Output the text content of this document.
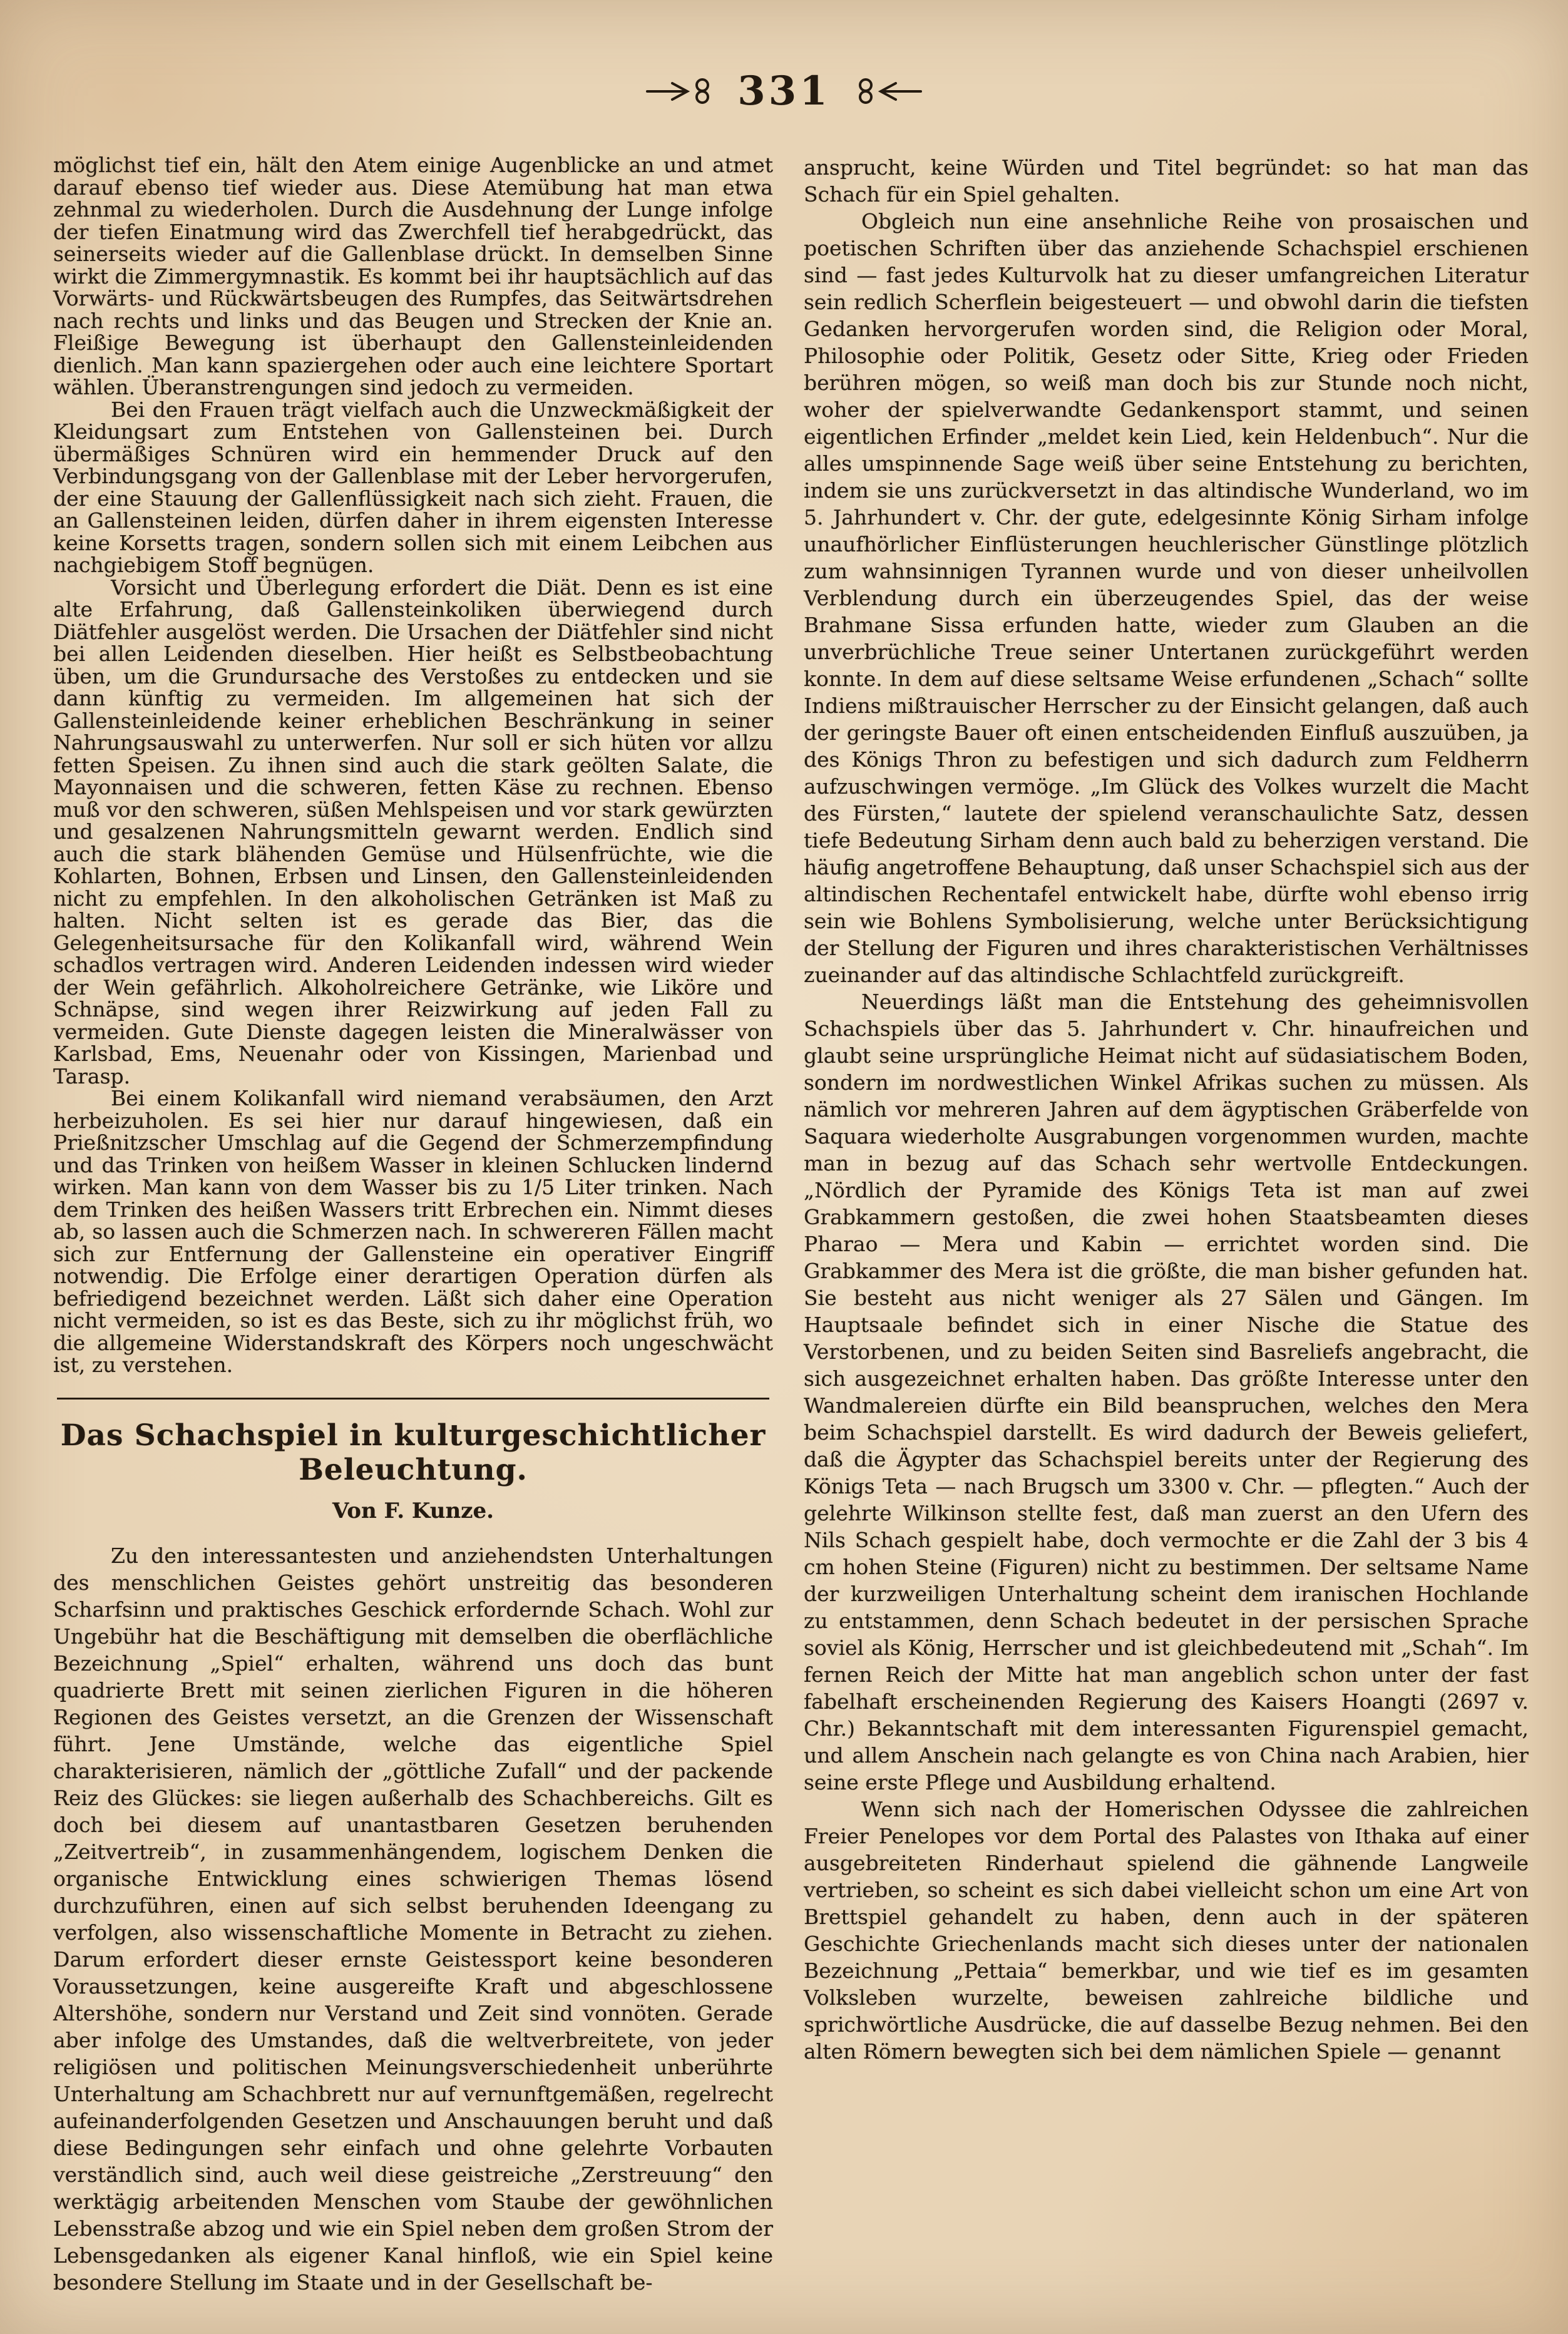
331

möglichst tief ein, hält den Atem einige Augenblicke an und atmet darauf ebenso tief wieder aus. Diese Atemübung hat man etwa zehnmal zu wiederholen. Durch die Ausdehnung der Lunge infolge der tiefen Einatmung wird das Zwerchfell tief herabgedrückt, das seinerseits wieder auf die Gallenblase drückt. In demselben Sinne wirkt die Zimmergymnastik. Es kommt bei ihr hauptsächlich auf das Vorwärts- und Rückwärtsbeugen des Rumpfes, das Seitwärtsdrehen nach rechts und links und das Beugen und Strecken der Knie an. Fleißige Bewegung ist überhaupt den Gallensteinleidenden dienlich. Man kann spaziergehen oder auch eine leichtere Sportart wählen. Überanstrengungen sind jedoch zu vermeiden.

Bei den Frauen trägt vielfach auch die Unzweckmäßigkeit der Kleidungsart zum Entstehen von Gallensteinen bei. Durch übermäßiges Schnüren wird ein hemmender Druck auf den Verbindungsgang von der Gallenblase mit der Leber hervorgerufen, der eine Stauung der Gallenflüssigkeit nach sich zieht. Frauen, die an Gallensteinen leiden, dürfen daher in ihrem eigensten Interesse keine Korsetts tragen, sondern sollen sich mit einem Leibchen aus nachgiebigem Stoff begnügen.

Vorsicht und Überlegung erfordert die Diät. Denn es ist eine alte Erfahrung, daß Gallensteinkoliken überwiegend durch Diätfehler ausgelöst werden. Die Ursachen der Diätfehler sind nicht bei allen Leidenden dieselben. Hier heißt es Selbstbeobachtung üben, um die Grundursache des Verstoßes zu entdecken und sie dann künftig zu vermeiden. Im allgemeinen hat sich der Gallensteinleidende keiner erheblichen Beschränkung in seiner Nahrungsauswahl zu unterwerfen. Nur soll er sich hüten vor allzu fetten Speisen. Zu ihnen sind auch die stark geölten Salate, die Mayonnaisen und die schweren, fetten Käse zu rechnen. Ebenso muß vor den schweren, süßen Mehlspeisen und vor stark gewürzten und gesalzenen Nahrungsmitteln gewarnt werden. Endlich sind auch die stark blähenden Gemüse und Hülsenfrüchte, wie die Kohlarten, Bohnen, Erbsen und Linsen, den Gallensteinleidenden nicht zu empfehlen. In den alkoholischen Getränken ist Maß zu halten. Nicht selten ist es gerade das Bier, das die Gelegenheitsursache für den Kolikanfall wird, während Wein schadlos vertragen wird. Anderen Leidenden indessen wird wieder der Wein gefährlich. Alkoholreichere Getränke, wie Liköre und Schnäpse, sind wegen ihrer Reizwirkung auf jeden Fall zu vermeiden. Gute Dienste dagegen leisten die Mineralwässer von Karlsbad, Ems, Neuenahr oder von Kissingen, Marienbad und Tarasp.

Bei einem Kolikanfall wird niemand verabsäumen, den Arzt herbeizuholen. Es sei hier nur darauf hingewiesen, daß ein Prießnitzscher Umschlag auf die Gegend der Schmerzempfindung und das Trinken von heißem Wasser in kleinen Schlucken lindernd wirken. Man kann von dem Wasser bis zu 1/5 Liter trinken. Nach dem Trinken des heißen Wassers tritt Erbrechen ein. Nimmt dieses ab, so lassen auch die Schmerzen nach. In schwereren Fällen macht sich zur Entfernung der Gallensteine ein operativer Eingriff notwendig. Die Erfolge einer derartigen Operation dürfen als befriedigend bezeichnet werden. Läßt sich daher eine Operation nicht vermeiden, so ist es das Beste, sich zu ihr möglichst früh, wo die allgemeine Widerstandskraft des Körpers noch ungeschwächt ist, zu verstehen.

Das Schachspiel in kulturgeschichtlicher Beleuchtung.
Von F. Kunze.

Zu den interessantesten und anziehendsten Unterhaltungen des menschlichen Geistes gehört unstreitig das besonderen Scharfsinn und praktisches Geschick erfordernde Schach. Wohl zur Ungebühr hat die Beschäftigung mit demselben die oberflächliche Bezeichnung „Spiel“ erhalten, während uns doch das bunt quadrierte Brett mit seinen zierlichen Figuren in die höheren Regionen des Geistes versetzt, an die Grenzen der Wissenschaft führt. Jene Umstände, welche das eigentliche Spiel charakterisieren, nämlich der „göttliche Zufall“ und der packende Reiz des Glückes: sie liegen außerhalb des Schachbereichs. Gilt es doch bei diesem auf unantastbaren Gesetzen beruhenden „Zeitvertreib“, in zusammenhängendem, logischem Denken die organische Entwicklung eines schwierigen Themas lösend durchzuführen, einen auf sich selbst beruhenden Ideengang zu verfolgen, also wissenschaftliche Momente in Betracht zu ziehen. Darum erfordert dieser ernste Geistessport keine besonderen Voraussetzungen, keine ausgereifte Kraft und abgeschlossene Altershöhe, sondern nur Verstand und Zeit sind vonnöten. Gerade aber infolge des Umstandes, daß die weltverbreitete, von jeder religiösen und politischen Meinungsverschiedenheit unberührte Unterhaltung am Schachbrett nur auf vernunftgemäßen, regelrecht aufeinanderfolgenden Gesetzen und Anschauungen beruht und daß diese Bedingungen sehr einfach und ohne gelehrte Vorbauten verständlich sind, auch weil diese geistreiche „Zerstreuung“ den werktägig arbeitenden Menschen vom Staube der gewöhnlichen Lebensstraße abzog und wie ein Spiel neben dem großen Strom der Lebensgedanken als eigener Kanal hinfloß, wie ein Spiel keine besondere Stellung im Staate und in der Gesellschaft be-

ansprucht, keine Würden und Titel begründet: so hat man das Schach für ein Spiel gehalten.

Obgleich nun eine ansehnliche Reihe von prosaischen und poetischen Schriften über das anziehende Schachspiel erschienen sind — fast jedes Kulturvolk hat zu dieser umfangreichen Literatur sein redlich Scherflein beigesteuert — und obwohl darin die tiefsten Gedanken hervorgerufen worden sind, die Religion oder Moral, Philosophie oder Politik, Gesetz oder Sitte, Krieg oder Frieden berühren mögen, so weiß man doch bis zur Stunde noch nicht, woher der spielverwandte Gedankensport stammt, und seinen eigentlichen Erfinder „meldet kein Lied, kein Heldenbuch“. Nur die alles umspinnende Sage weiß über seine Entstehung zu berichten, indem sie uns zurückversetzt in das altindische Wunderland, wo im 5. Jahrhundert v. Chr. der gute, edelgesinnte König Sirham infolge unaufhörlicher Einflüsterungen heuchlerischer Günstlinge plötzlich zum wahnsinnigen Tyrannen wurde und von dieser unheilvollen Verblendung durch ein überzeugendes Spiel, das der weise Brahmane Sissa erfunden hatte, wieder zum Glauben an die unverbrüchliche Treue seiner Untertanen zurückgeführt werden konnte. In dem auf diese seltsame Weise erfundenen „Schach“ sollte Indiens mißtrauischer Herrscher zu der Einsicht gelangen, daß auch der geringste Bauer oft einen entscheidenden Einfluß auszuüben, ja des Königs Thron zu befestigen und sich dadurch zum Feldherrn aufzuschwingen vermöge. „Im Glück des Volkes wurzelt die Macht des Fürsten,“ lautete der spielend veranschaulichte Satz, dessen tiefe Bedeutung Sirham denn auch bald zu beherzigen verstand. Die häufig angetroffene Behauptung, daß unser Schachspiel sich aus der altindischen Rechentafel entwickelt habe, dürfte wohl ebenso irrig sein wie Bohlens Symbolisierung, welche unter Berücksichtigung der Stellung der Figuren und ihres charakteristischen Verhältnisses zueinander auf das altindische Schlachtfeld zurückgreift.

Neuerdings läßt man die Entstehung des geheimnisvollen Schachspiels über das 5. Jahrhundert v. Chr. hinaufreichen und glaubt seine ursprüngliche Heimat nicht auf südasiatischem Boden, sondern im nordwestlichen Winkel Afrikas suchen zu müssen. Als nämlich vor mehreren Jahren auf dem ägyptischen Gräberfelde von Saquara wiederholte Ausgrabungen vorgenommen wurden, machte man in bezug auf das Schach sehr wertvolle Entdeckungen. „Nördlich der Pyramide des Königs Teta ist man auf zwei Grabkammern gestoßen, die zwei hohen Staatsbeamten dieses Pharao — Mera und Kabin — errichtet worden sind. Die Grabkammer des Mera ist die größte, die man bisher gefunden hat. Sie besteht aus nicht weniger als 27 Sälen und Gängen. Im Hauptsaale befindet sich in einer Nische die Statue des Verstorbenen, und zu beiden Seiten sind Basreliefs angebracht, die sich ausgezeichnet erhalten haben. Das größte Interesse unter den Wandmalereien dürfte ein Bild beanspruchen, welches den Mera beim Schachspiel darstellt. Es wird dadurch der Beweis geliefert, daß die Ägypter das Schachspiel bereits unter der Regierung des Königs Teta — nach Brugsch um 3300 v. Chr. — pflegten.“ Auch der gelehrte Wilkinson stellte fest, daß man zuerst an den Ufern des Nils Schach gespielt habe, doch vermochte er die Zahl der 3 bis 4 cm hohen Steine (Figuren) nicht zu bestimmen. Der seltsame Name der kurzweiligen Unterhaltung scheint dem iranischen Hochlande zu entstammen, denn Schach bedeutet in der persischen Sprache soviel als König, Herrscher und ist gleichbedeutend mit „Schah“. Im fernen Reich der Mitte hat man angeblich schon unter der fast fabelhaft erscheinenden Regierung des Kaisers Hoangti (2697 v. Chr.) Bekanntschaft mit dem interessanten Figurenspiel gemacht, und allem Anschein nach gelangte es von China nach Arabien, hier seine erste Pflege und Ausbildung erhaltend.

Wenn sich nach der Homerischen Odyssee die zahlreichen Freier Penelopes vor dem Portal des Palastes von Ithaka auf einer ausgebreiteten Rinderhaut spielend die gähnende Langweile vertrieben, so scheint es sich dabei vielleicht schon um eine Art von Brettspiel gehandelt zu haben, denn auch in der späteren Geschichte Griechenlands macht sich dieses unter der nationalen Bezeichnung „Pettaia“ bemerkbar, und wie tief es im gesamten Volksleben wurzelte, beweisen zahlreiche bildliche und sprichwörtliche Ausdrücke, die auf dasselbe Bezug nehmen. Bei den alten Römern bewegten sich bei dem nämlichen Spiele — genannt
